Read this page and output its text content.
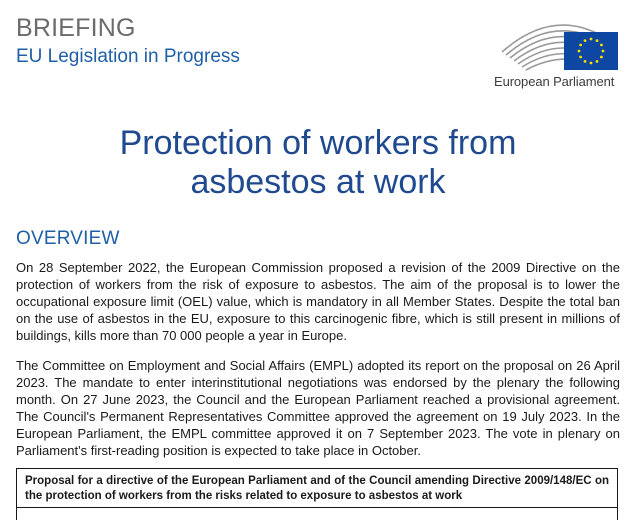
BRIEFING
EU Legislation in Progress
European Parliament
Protection of workers from
asbestos at work
OVERVIEW

On 28 September 2022, the European Commission proposed a revision of the 2009 Directive on the protection of workers from the risk of exposure to asbestos. The aim of the proposal is to lower the occupational exposure limit (OEL) value, which is mandatory in all Member States. Despite the total ban on the use of asbestos in the EU, exposure to this carcinogenic fibre, which is still present in millions of buildings, kills more than 70 000 people a year in Europe.

The Committee on Employment and Social Affairs (EMPL) adopted its report on the proposal on 26 April 2023. The mandate to enter interinstitutional negotiations was endorsed by the plenary the following month. On 27 June 2023, the Council and the European Parliament reached a provisional agreement. The Council's Permanent Representatives Committee approved the agreement on 19 July 2023. In the European Parliament, the EMPL committee approved it on 7 September 2023. The vote in plenary on Parliament's first-reading position is expected to take place in October.

Proposal for a directive of the European Parliament and of the Council amending Directive 2009/148/EC on the protection of workers from the risks related to exposure to asbestos at work
